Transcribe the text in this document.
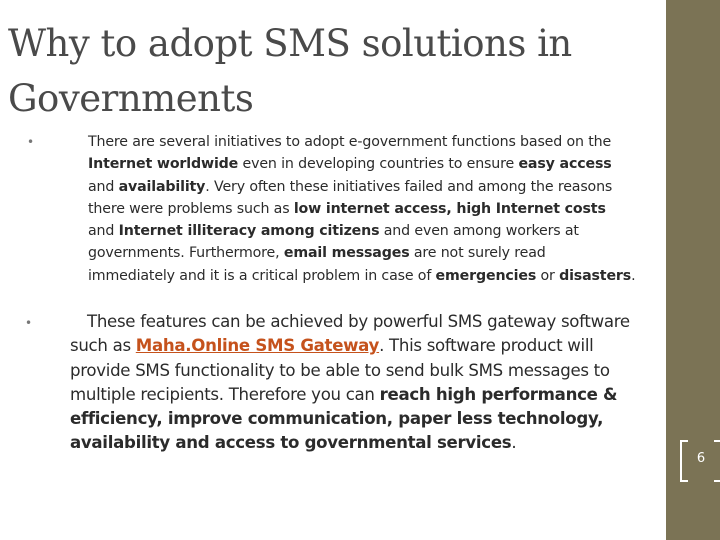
Why to adopt SMS solutions in Governments
•	There are several initiatives to adopt e-government functions based on the Internet worldwide even in developing countries to ensure easy access and availability. Very often these initiatives failed and among the reasons there were problems such as low internet access, high Internet costs and Internet illiteracy among citizens and even among workers at governments. Furthermore, email messages are not surely read immediately and it is a critical problem in case of emergencies or disasters.
•	These features can be achieved by powerful SMS gateway software such as Maha.Online SMS Gateway. This software product will provide SMS functionality to be able to send bulk SMS messages to multiple recipients. Therefore you can reach high performance & efficiency, improve communication, paper less technology, availability and access to governmental services.
6
